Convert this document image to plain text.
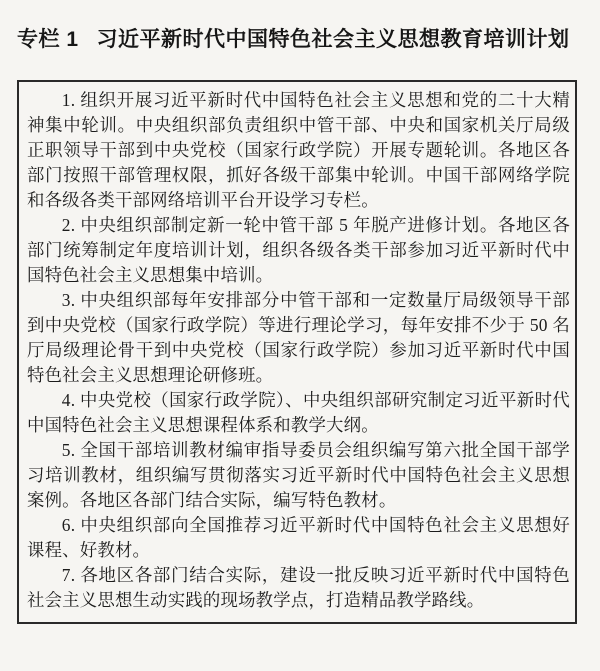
专栏 1 习近平新时代中国特色社会主义思想教育培训计划

1. 组织开展习近平新时代中国特色社会主义思想和党的二十大精神集中轮训。中央组织部负责组织中管干部、中央和国家机关厅局级正职领导干部到中央党校（国家行政学院）开展专题轮训。各地区各部门按照干部管理权限，抓好各级干部集中轮训。中国干部网络学院和各级各类干部网络培训平台开设学习专栏。

2. 中央组织部制定新一轮中管干部 5 年脱产进修计划。各地区各部门统筹制定年度培训计划，组织各级各类干部参加习近平新时代中国特色社会主义思想集中培训。

3. 中央组织部每年安排部分中管干部和一定数量厅局级领导干部到中央党校（国家行政学院）等进行理论学习，每年安排不少于 50 名厅局级理论骨干到中央党校（国家行政学院）参加习近平新时代中国特色社会主义思想理论研修班。

4. 中央党校（国家行政学院）、中央组织部研究制定习近平新时代中国特色社会主义思想课程体系和教学大纲。

5. 全国干部培训教材编审指导委员会组织编写第六批全国干部学习培训教材，组织编写贯彻落实习近平新时代中国特色社会主义思想案例。各地区各部门结合实际，编写特色教材。

6. 中央组织部向全国推荐习近平新时代中国特色社会主义思想好课程、好教材。

7. 各地区各部门结合实际，建设一批反映习近平新时代中国特色社会主义思想生动实践的现场教学点，打造精品教学路线。
